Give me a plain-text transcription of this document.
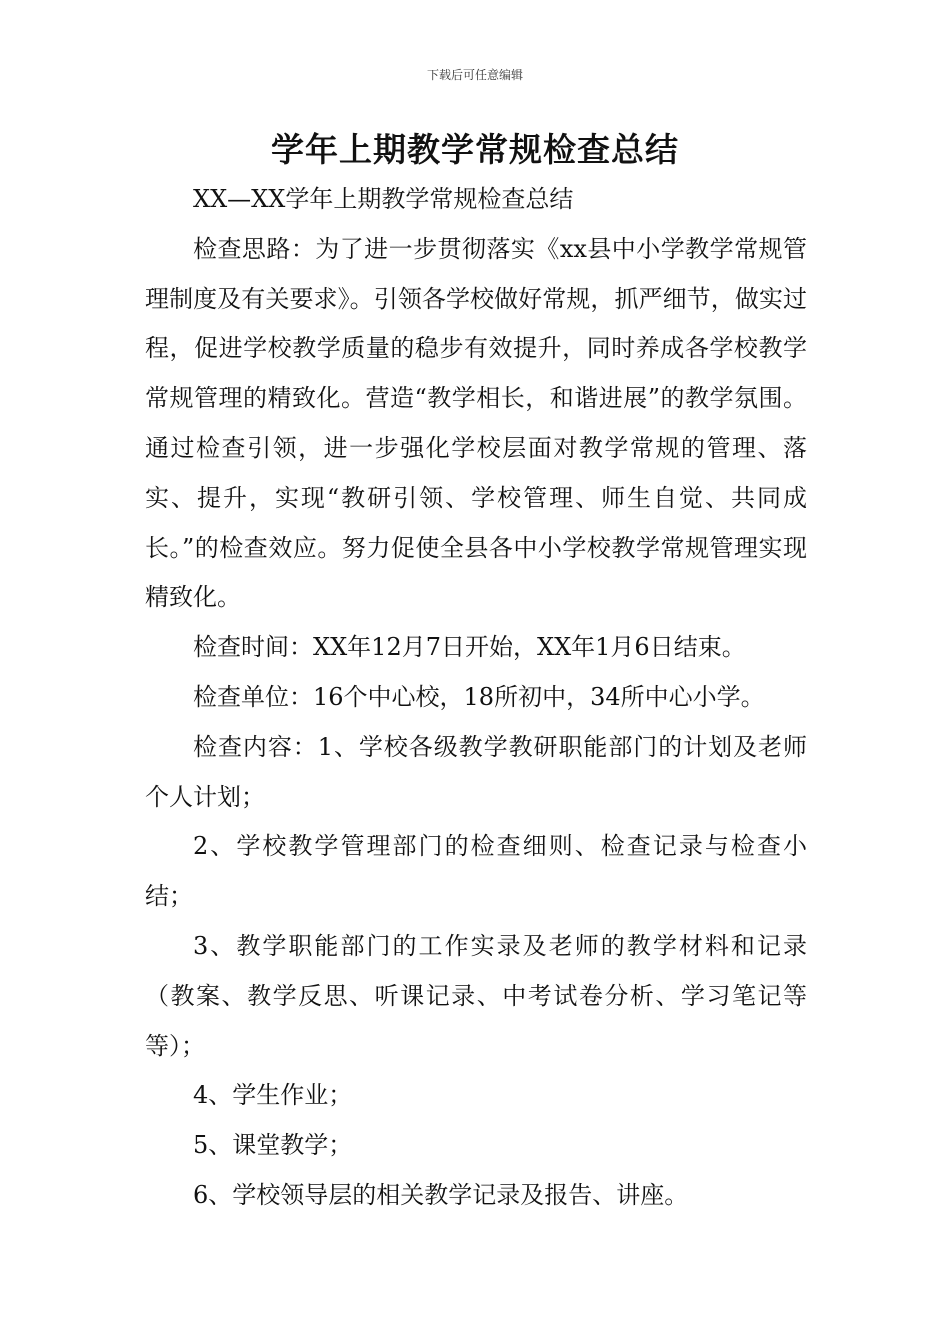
下载后可任意编辑
学年上期教学常规检查总结

XX—XX学年上期教学常规检查总结

检查思路：为了进一步贯彻落实《xx县中小学教学常规管理制度及有关要求》。引领各学校做好常规，抓严细节，做实过程，促进学校教学质量的稳步有效提升，同时养成各学校教学常规管理的精致化。营造“教学相长，和谐进展”的教学氛围。通过检查引领，进一步强化学校层面对教学常规的管理、落实、提升，实现“教研引领、学校管理、师生自觉、共同成长。”的检查效应。努力促使全县各中小学校教学常规管理实现精致化。

检查时间：XX年12月7日开始，XX年1月6日结束。

检查单位：16个中心校，18所初中，34所中心小学。

检查内容：1、学校各级教学教研职能部门的计划及老师个人计划；

2、学校教学管理部门的检查细则、检查记录与检查小结；

3、教学职能部门的工作实录及老师的教学材料和记录（教案、教学反思、听课记录、中考试卷分析、学习笔记等等）；

4、学生作业；

5、课堂教学；

6、学校领导层的相关教学记录及报告、讲座。
